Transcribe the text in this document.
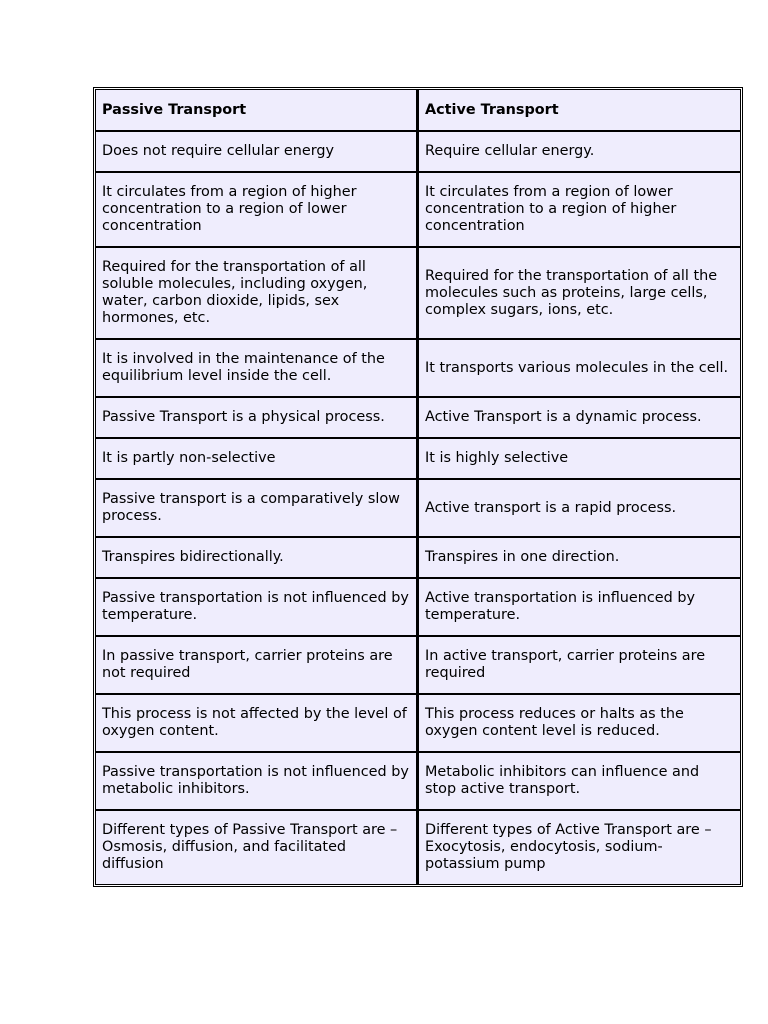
Passive Transport	Active Transport
Does not require cellular energy	Require cellular energy.
It circulates from a region of higher concentration to a region of lower concentration	It circulates from a region of lower concentration to a region of higher concentration
Required for the transportation of all soluble molecules, including oxygen, water, carbon dioxide, lipids, sex hormones, etc.	Required for the transportation of all the molecules such as proteins, large cells, complex sugars, ions, etc.
It is involved in the maintenance of the equilibrium level inside the cell.	It transports various molecules in the cell.
Passive Transport is a physical process.	Active Transport is a dynamic process.
It is partly non-selective	It is highly selective
Passive transport is a comparatively slow process.	Active transport is a rapid process.
Transpires bidirectionally.	Transpires in one direction.
Passive transportation is not influenced by temperature.	Active transportation is influenced by temperature.
In passive transport, carrier proteins are not required	In active transport, carrier proteins are required
This process is not affected by the level of oxygen content.	This process reduces or halts as the oxygen content level is reduced.
Passive transportation is not influenced by metabolic inhibitors.	Metabolic inhibitors can influence and stop active transport.
Different types of Passive Transport are – Osmosis, diffusion, and facilitated diffusion	Different types of Active Transport are – Exocytosis, endocytosis, sodium-potassium pump
